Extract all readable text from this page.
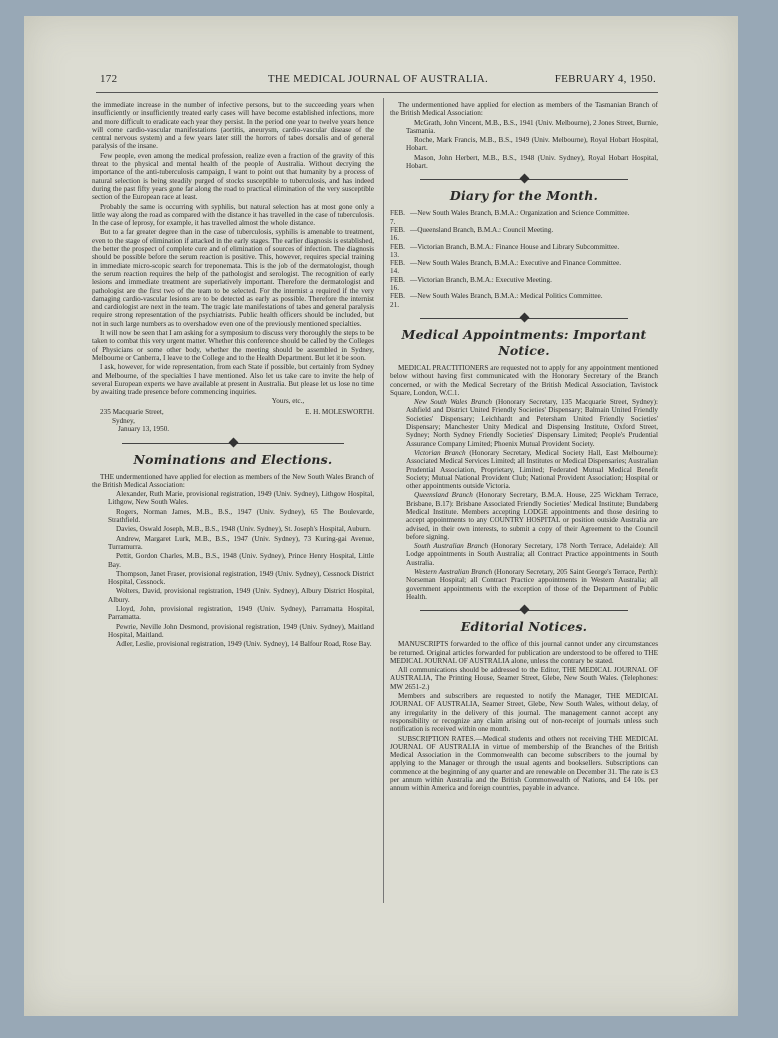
172	THE MEDICAL JOURNAL OF AUSTRALIA.	FEBRUARY 4, 1950.

the immediate increase in the number of infective persons, but to the succeeding years when insufficiently or insufficiently treated early cases will have become established infections, more and more difficult to eradicate each year they persist. In the period one year to twelve years hence will come cardio-vascular manifestations (aortitis, aneurysm, cardio-vascular disease of the central nervous system) and a few years later still the horrors of tabes dorsalis and of general paralysis of the insane.

Few people, even among the medical profession, realize even a fraction of the gravity of this threat to the physical and mental health of the people of Australia. Without decrying the importance of the anti-tuberculosis campaign, I want to point out that humanity by a process of natural selection is being steadily purged of stocks susceptible to tuberculosis, and has indeed during the past fifty years gone far along the road to practical elimination of the very susceptible section of the European race at least.

Probably the same is occurring with syphilis, but natural selection has at most gone only a little way along the road as compared with the distance it has travelled in the case of tuberculosis. In the case of leprosy, for example, it has travelled almost the whole distance.

But to a far greater degree than in the case of tuberculosis, syphilis is amenable to treatment, even to the stage of elimination if attacked in the early stages. The earlier diagnosis is established, the better the prospect of complete cure and of elimination of sources of infection. The diagnosis should be possible before the serum reaction is positive. This, however, requires special training in immediate micro-scopic search for treponemata. This is the job of the dermatologist, though the serum reaction requires the help of the pathologist and serologist. The recognition of early lesions and immediate treatment are superlatively important. Therefore the dermatologist and pathologist are the first two of the team to be selected. For the internist a required if the very damaging cardio-vascular lesions are to be detected as early as possible. Therefore the internist and cardiologist are next in the team. The tragic late manifestations of tabes and general paralysis require strong representation of the psychiatrists. Public health officers should be included, but not in such large numbers as to overshadow even one of the previously mentioned specialties.

It will now be seen that I am asking for a symposium to discuss very thoroughly the steps to be taken to combat this very urgent matter. Whether this conference should be called by the Colleges of Physicians or some other body, whether the meeting should be assembled in Sydney, Melbourne or Canberra, I leave to the College and to the Health Department. But let it be soon.

I ask, however, for wide representation, from each State if possible, but certainly from Sydney and Melbourne, of the specialties I have mentioned. Also let us take care to invite the help of several European experts we have available at present in Australia. But please let us lose no time by awaiting trade presence before commencing inquiries.

Yours, etc.,
235 Macquarie Street,	E. H. MOLESWORTH.
Sydney,
January 13, 1950.
Nominations and Elections.

THE undermentioned have applied for election as members of the New South Wales Branch of the British Medical Association:

Alexander, Ruth Marie, provisional registration, 1949 (Univ. Sydney), Lithgow Hospital, Lithgow, New South Wales.

Rogers, Norman James, M.B., B.S., 1947 (Univ. Sydney), 65 The Boulevarde, Strathfield.

Davies, Oswald Joseph, M.B., B.S., 1948 (Univ. Sydney), St. Joseph's Hospital, Auburn.

Andrew, Margaret Lurk, M.B., B.S., 1947 (Univ. Sydney), 73 Kuring-gai Avenue, Turramurra.

Pettit, Gordon Charles, M.B., B.S., 1948 (Univ. Sydney), Prince Henry Hospital, Little Bay.

Thompson, Janet Fraser, provisional registration, 1949 (Univ. Sydney), Cessnock District Hospital, Cessnock.

Wolters, David, provisional registration, 1949 (Univ. Sydney), Albury District Hospital, Albury.

Lloyd, John, provisional registration, 1949 (Univ. Sydney), Parramatta Hospital, Parramatta.

Pewrie, Neville John Desmond, provisional registration, 1949 (Univ. Sydney), Maitland Hospital, Maitland.

Adler, Leslie, provisional registration, 1949 (Univ. Sydney), 14 Balfour Road, Rose Bay.

The undermentioned have applied for election as members of the Tasmanian Branch of the British Medical Association:

McGrath, John Vincent, M.B., B.S., 1941 (Univ. Melbourne), 2 Jones Street, Burnie, Tasmania.

Roche, Mark Francis, M.B., B.S., 1949 (Univ. Melbourne), Royal Hobart Hospital, Hobart.

Mason, John Herbert, M.B., B.S., 1948 (Univ. Sydney), Royal Hobart Hospital, Hobart.

Diary for the Month.
FEB. 7.
—New South Wales Branch, B.M.A.: Organization and Science Committee.
FEB. 16.
—Queensland Branch, B.M.A.: Council Meeting.
FEB. 13.
—Victorian Branch, B.M.A.: Finance House and Library Subcommittee.
FEB. 14.
—New South Wales Branch, B.M.A.: Executive and Finance Committee.
FEB. 16.
—Victorian Branch, B.M.A.: Executive Meeting.
FEB. 21.
—New South Wales Branch, B.M.A.: Medical Politics Committee.
Medical Appointments: Important Notice.

MEDICAL PRACTITIONERS are requested not to apply for any appointment mentioned below without having first communicated with the Honorary Secretary of the Branch concerned, or with the Medical Secretary of the British Medical Association, Tavistock Square, London, W.C.1.

New South Wales Branch (Honorary Secretary, 135 Macquarie Street, Sydney): Ashfield and District United Friendly Societies' Dispensary; Balmain United Friendly Societies' Dispensary; Leichhardt and Petersham United Friendly Societies' Dispensary; Manchester Unity Medical and Dispensing Institute, Oxford Street, Sydney; North Sydney Friendly Societies' Dispensary Limited; People's Prudential Assurance Company Limited; Phoenix Mutual Provident Society.

Victorian Branch (Honorary Secretary, Medical Society Hall, East Melbourne): Associated Medical Services Limited; all Institutes or Medical Dispensaries; Australian Prudential Association, Proprietary, Limited; Federated Mutual Medical Benefit Society; Mutual National Provident Club; National Provident Association; Hospital or other appointments outside Victoria.

Queensland Branch (Honorary Secretary, B.M.A. House, 225 Wickham Terrace, Brisbane, B.17): Brisbane Associated Friendly Societies' Medical Institute; Bundaberg Medical Institute. Members accepting LODGE appointments and those desiring to accept appointments to any COUNTRY HOSPITAL or position outside Australia are advised, in their own interests, to submit a copy of their Agreement to the Council before signing.

South Australian Branch (Honorary Secretary, 178 North Terrace, Adelaide): All Lodge appointments in South Australia; all Contract Practice appointments in South Australia.

Western Australian Branch (Honorary Secretary, 205 Saint George's Terrace, Perth): Norseman Hospital; all Contract Practice appointments in Western Australia; all government appointments with the exception of those of the Department of Public Health.

Editorial Notices.

MANUSCRIPTS forwarded to the office of this journal cannot under any circumstances be returned. Original articles forwarded for publication are understood to be offered to THE MEDICAL JOURNAL OF AUSTRALIA alone, unless the contrary be stated.

All communications should be addressed to the Editor, THE MEDICAL JOURNAL OF AUSTRALIA, The Printing House, Seamer Street, Glebe, New South Wales. (Telephones: MW 2651-2.)

Members and subscribers are requested to notify the Manager, THE MEDICAL JOURNAL OF AUSTRALIA, Seamer Street, Glebe, New South Wales, without delay, of any irregularity in the delivery of this journal. The management cannot accept any responsibility or recognize any claim arising out of non-receipt of journals unless such notification is received within one month.

SUBSCRIPTION RATES.—Medical students and others not receiving THE MEDICAL JOURNAL OF AUSTRALIA in virtue of membership of the Branches of the British Medical Association in the Commonwealth can become subscribers to the journal by applying to the Manager or through the usual agents and booksellers. Subscriptions can commence at the beginning of any quarter and are renewable on December 31. The rate is £3 per annum within Australia and the British Commonwealth of Nations, and £4 10s. per annum within America and foreign countries, payable in advance.
